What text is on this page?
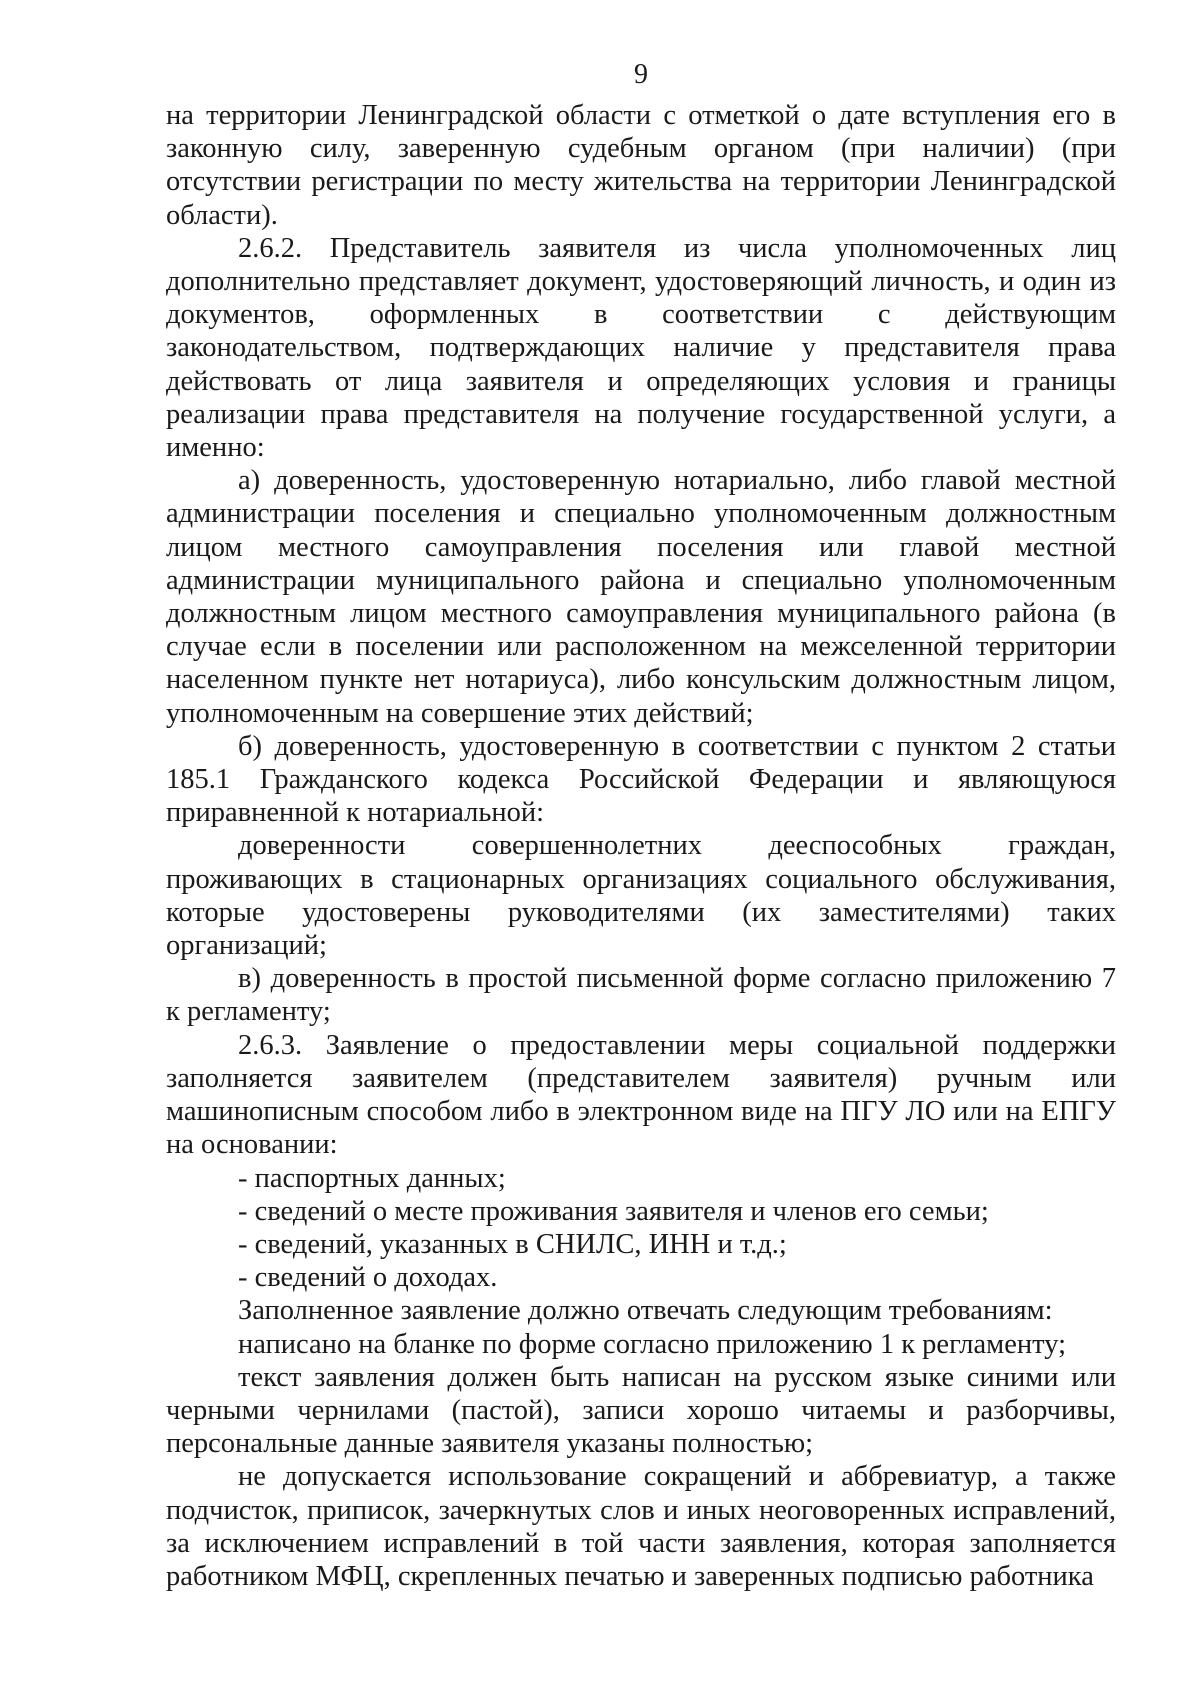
9

на территории Ленинградской области с отметкой о дате вступления его в законную силу, заверенную судебным органом (при наличии) (при отсутствии регистрации по месту жительства на территории Ленинградской области).

2.6.2. Представитель заявителя из числа уполномоченных лиц дополнительно представляет документ, удостоверяющий личность, и один из документов, оформленных в соответствии с действующим законодательством, подтверждающих наличие у представителя права действовать от лица заявителя и определяющих условия и границы реализации права представителя на получение государственной услуги, а именно:

а) доверенность, удостоверенную нотариально, либо главой местной администрации поселения и специально уполномоченным должностным лицом местного самоуправления поселения или главой местной администрации муниципального района и специально уполномоченным должностным лицом местного самоуправления муниципального района (в случае если в поселении или расположенном на межселенной территории населенном пункте нет нотариуса), либо консульским должностным лицом, уполномоченным на совершение этих действий;

б) доверенность, удостоверенную в соответствии с пунктом 2 статьи 185.1 Гражданского кодекса Российской Федерации и являющуюся приравненной к нотариальной:

доверенности совершеннолетних дееспособных граждан, проживающих в стационарных организациях социального обслуживания, которые удостоверены руководителями (их заместителями) таких организаций;

в) доверенность в простой письменной форме согласно приложению 7 к регламенту;

2.6.3. Заявление о предоставлении меры социальной поддержки заполняется заявителем (представителем заявителя) ручным или машинописным способом либо в электронном виде на ПГУ ЛО или на ЕПГУ на основании:

- паспортных данных;

- сведений о месте проживания заявителя и членов его семьи;

- сведений, указанных в СНИЛС, ИНН и т.д.;

- сведений о доходах.

Заполненное заявление должно отвечать следующим требованиям:

написано на бланке по форме согласно приложению 1 к регламенту;

текст заявления должен быть написан на русском языке синими или черными чернилами (пастой), записи хорошо читаемы и разборчивы, персональные данные заявителя указаны полностью;

не допускается использование сокращений и аббревиатур, а также подчисток, приписок, зачеркнутых слов и иных неоговоренных исправлений, за исключением исправлений в той части заявления, которая заполняется работником МФЦ, скрепленных печатью и заверенных подписью работника
